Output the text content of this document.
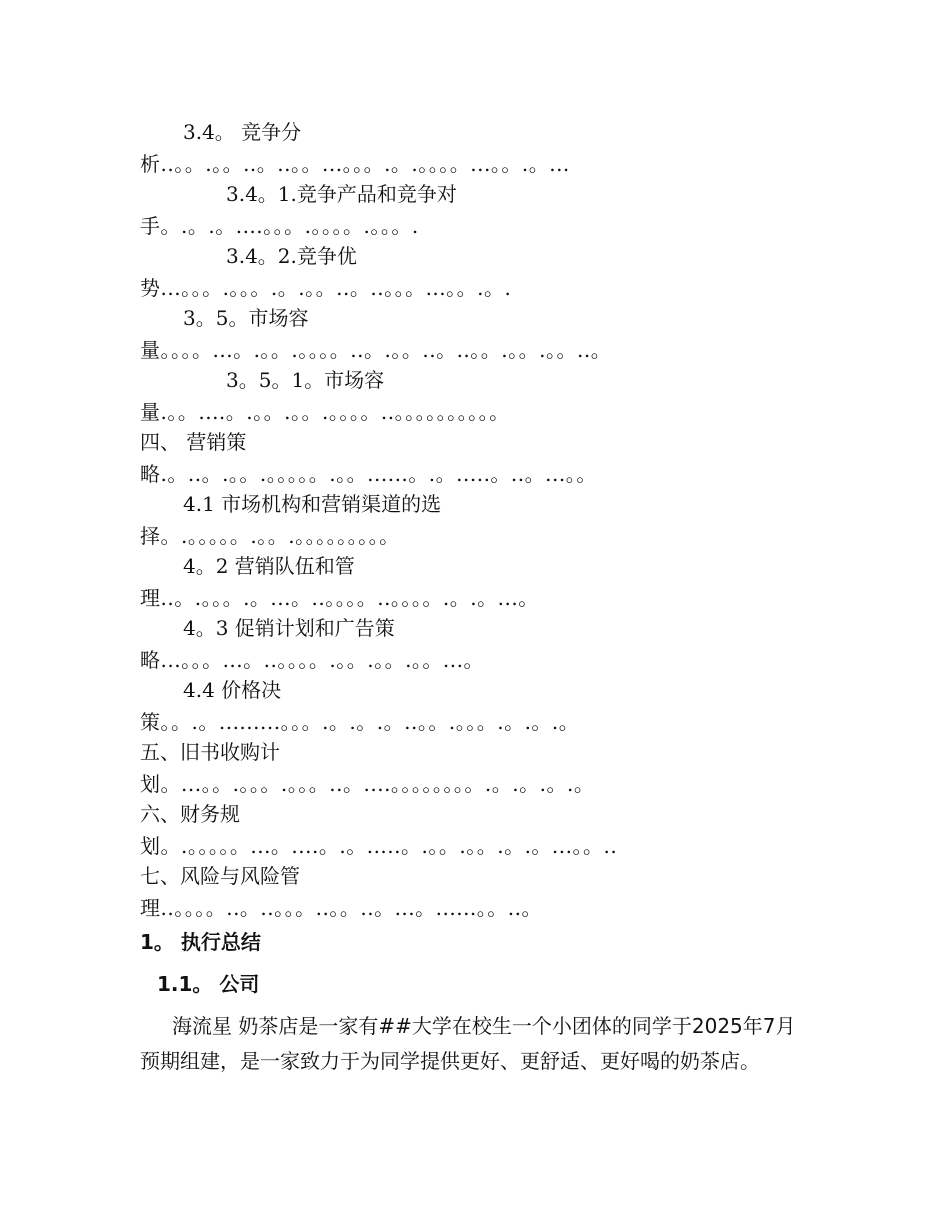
3.4。 竞争分
析..。。.。。..。..。。...。。。.。.。。。。...。。.。...
3.4。1.竞争产品和竞争对
手。.。.。....。。。.。。。。.。。。.
3.4。2.竞争优
势...。。。.。。。.。.。。..。..。。。...。。.。.
3。5。市场容
量。。。。...。.。。.。。。。..。.。。..。..。。.。。.。。..。
3。5。1。市场容
量.。。....。.。。.。。.。。。。..。。。。。。。。。。
四、 营销策
略.。..。.。。.。。。。。.。。......。.。.....。..。...。。
4.1 市场机构和营销渠道的选
择。.。。。。。.。。.。。。。。。。。。
4。2 营销队伍和管
理..。.。。。.。...。..。。。。..。。。。.。.。...。
4。3 促销计划和广告策
略...。。。...。..。。。。.。。.。。.。。...。
4.4 价格决
策。。.。.........。。。.。.。.。..。。.。。。.。.。.。
五、旧书收购计
划。...。。.。。。.。。。..。....。。。。。。。。.。.。.。.。
六、财务规
划。.。。。。。...。....。.。.....。.。。.。。.。.。...。。..
七、风险与风险管
理..。。。。..。..。。。..。。..。...。......。。..。
1。 执行总结
1.1。 公司
海流星 奶茶店是一家有##大学在校生一个小团体的同学于2025年7月预期组建，是一家致力于为同学提供更好、更舒适、更好喝的奶茶店。
